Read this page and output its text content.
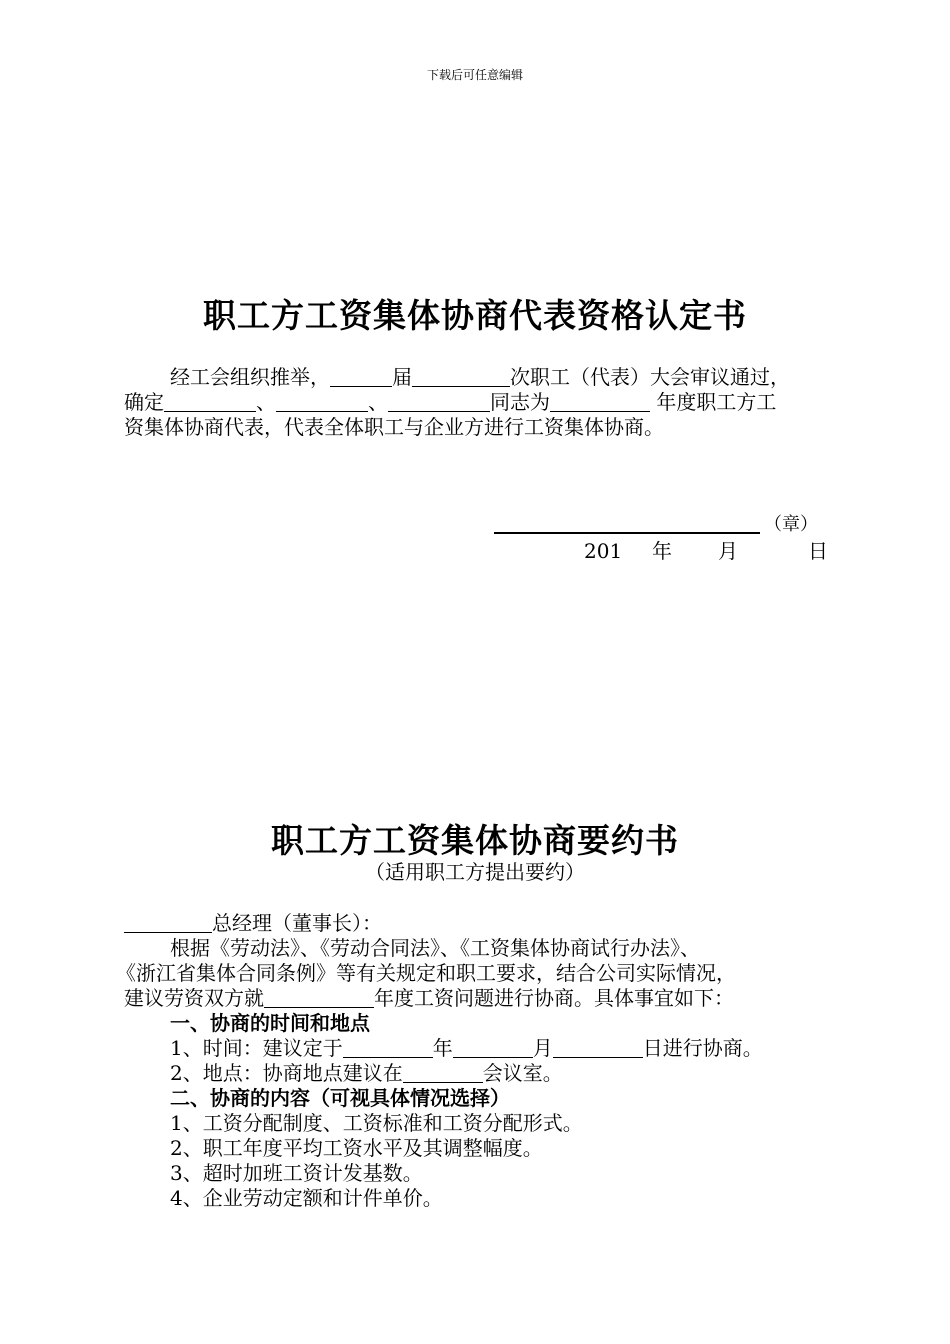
下载后可任意编辑
职工方工资集体协商代表资格认定书
经工会组织推举，	届	次职工（代表）大会审议通过，
确定	、	、	同志为	年度职工方工
资集体协商代表，代表全体职工与企业方进行工资集体协商。
（章）
201 年 月	日
职工方工资集体协商要约书
（适用职工方提出要约）
总经理（董事长）：
根据《劳动法》、《劳动合同法》、《工资集体协商试行办法》、
《浙江省集体合同条例》等有关规定和职工要求，结合公司实际情况，
建议劳资双方就	年度工资问题进行协商。具体事宜如下：
一、协商的时间和地点
1、时间：建议定于	年	月	日进行协商。
2、地点：协商地点建议在	会议室。
二、协商的内容（可视具体情况选择）
1、工资分配制度、工资标准和工资分配形式。
2、职工年度平均工资水平及其调整幅度。
3、超时加班工资计发基数。
4、企业劳动定额和计件单价。
